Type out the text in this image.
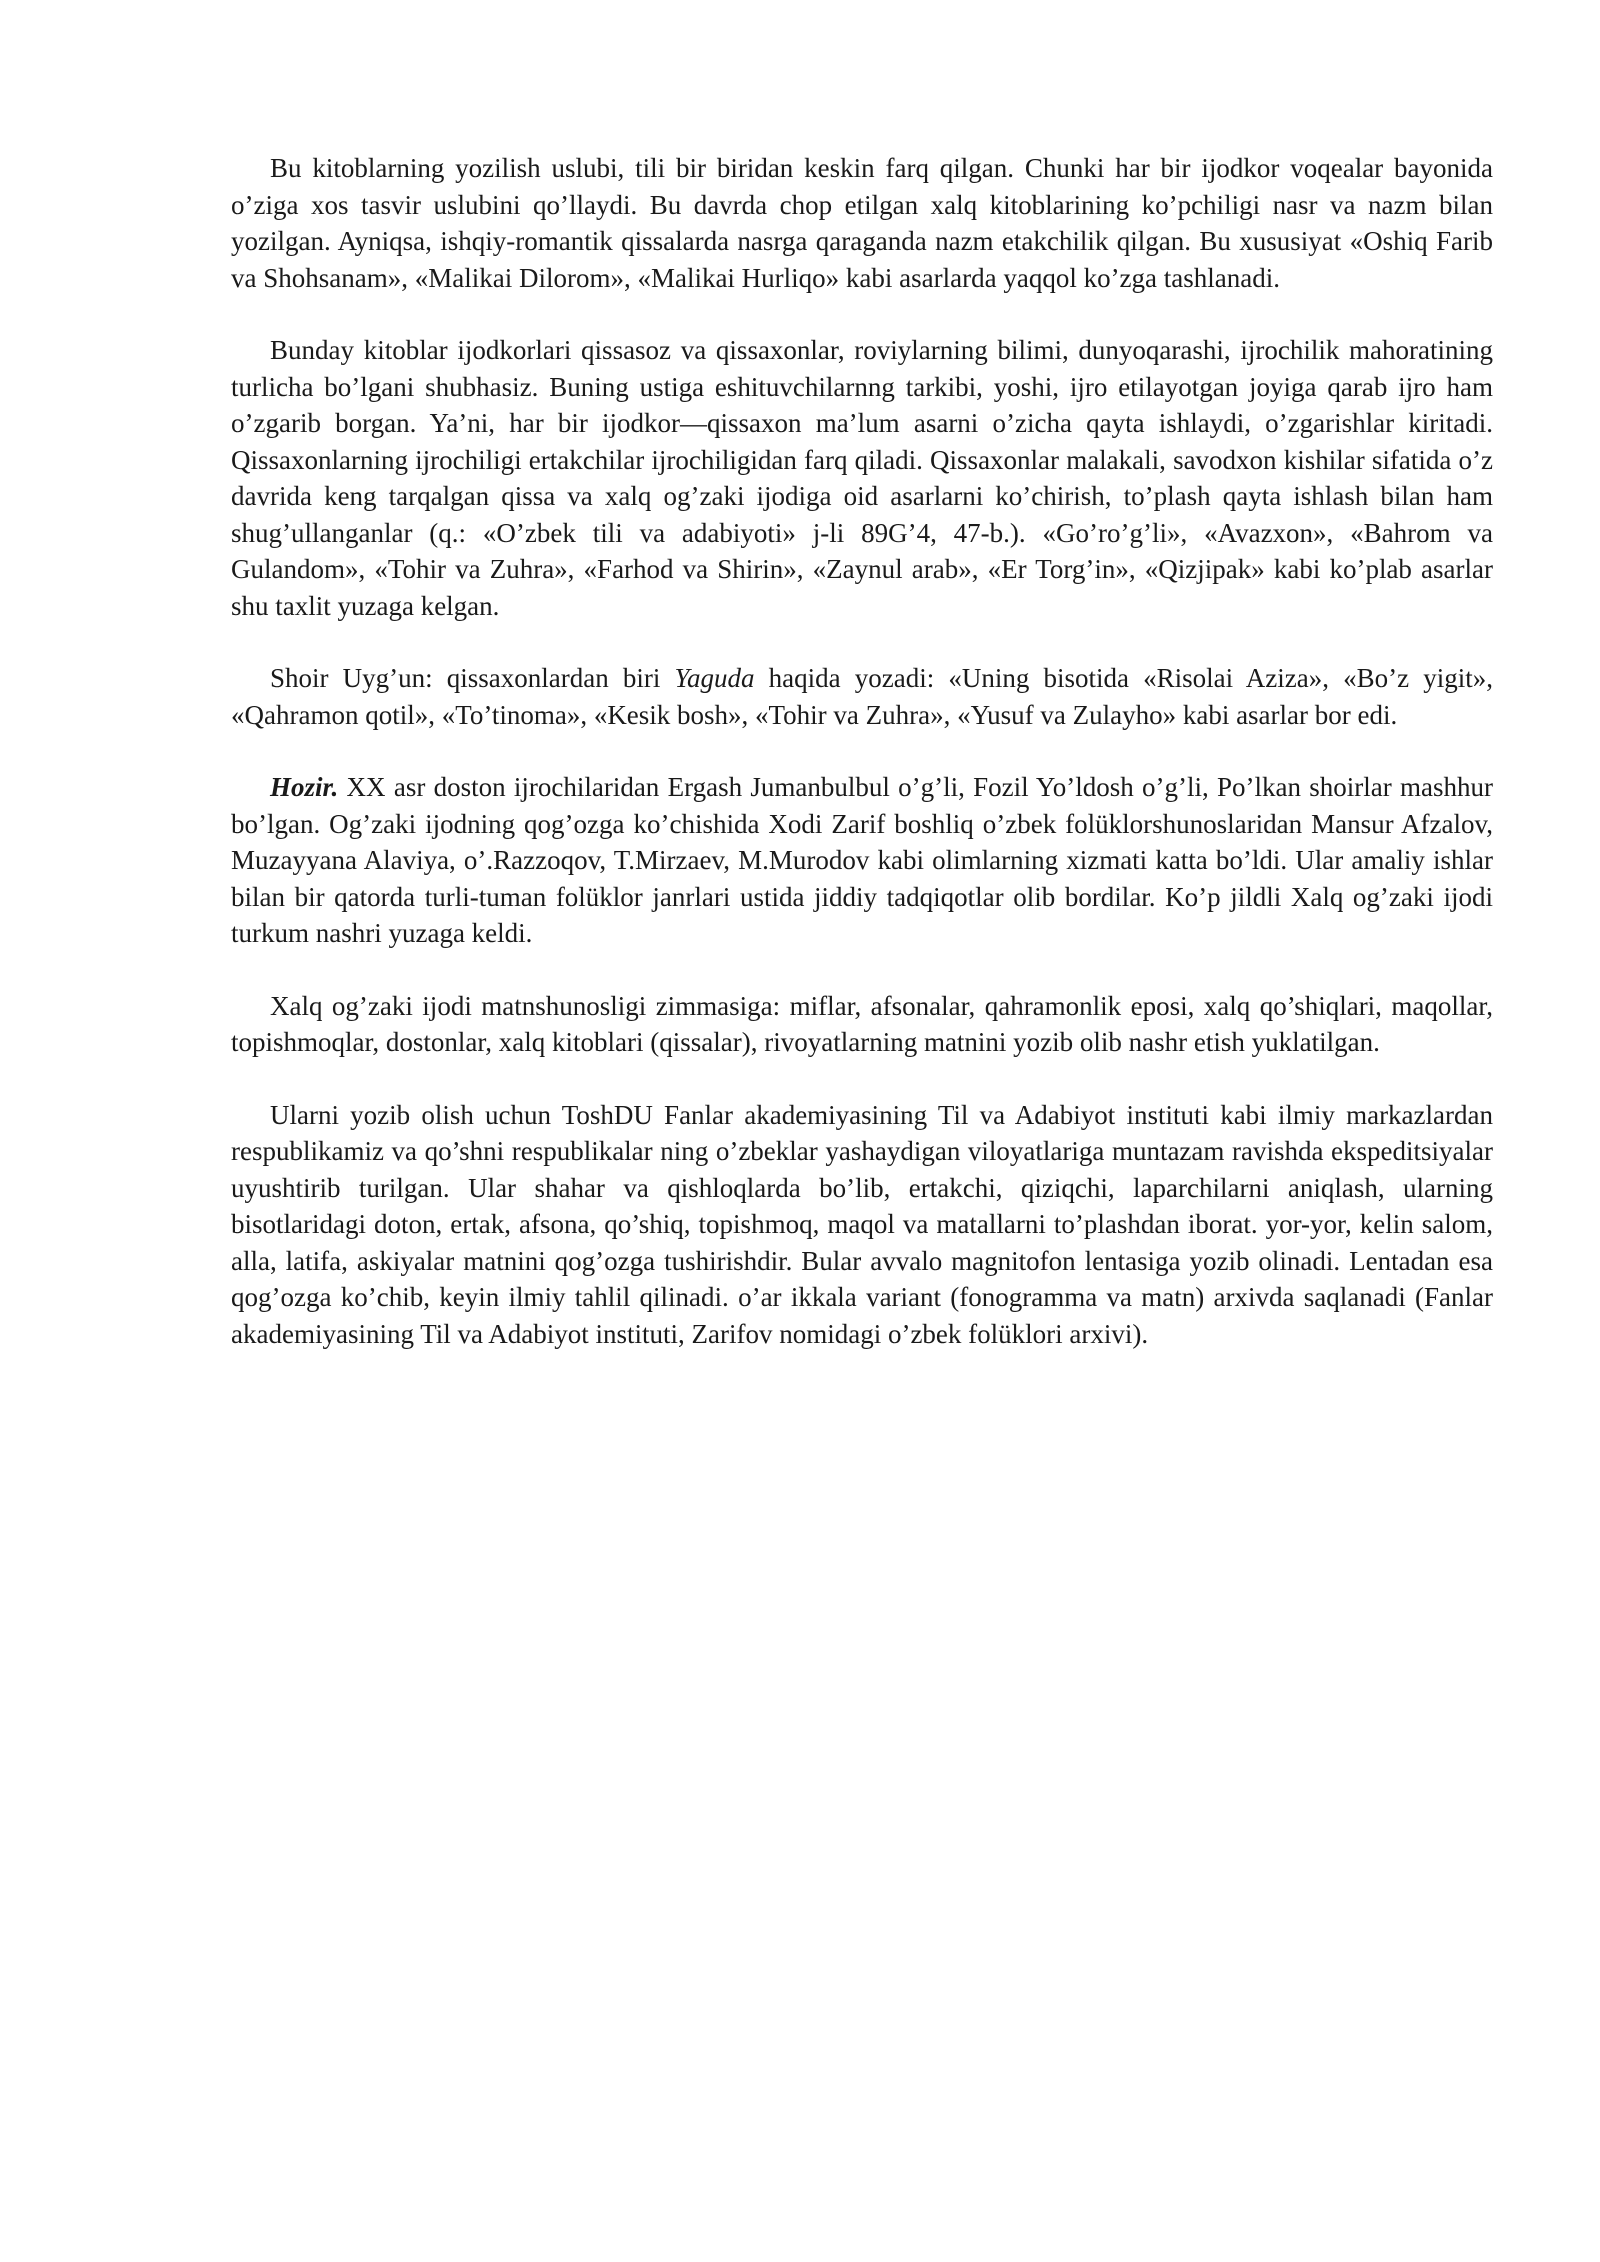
Bu kitoblarning yozilish uslubi, tili bir biridan keskin farq qilgan. Chunki har bir ijodkor voqealar bayonida o’ziga xos tasvir uslubini qo’llaydi. Bu davrda chop etilgan xalq kitoblarining ko’pchiligi nasr va nazm bilan yozilgan. Ayniqsa, ishqiy-romantik qissalarda nasrga qaraganda nazm etakchilik qilgan. Bu xususiyat «Oshiq Farib va Shohsanam», «Malikai Dilorom», «Malikai Hurliqo» kabi asarlarda yaqqol ko’zga tashlanadi.

Bunday kitoblar ijodkorlari qissasoz va qissaxonlar, roviylarning bilimi, dunyoqarashi, ijrochilik mahoratining turlicha bo’lgani shubhasiz. Buning ustiga eshituvchilarnng tarkibi, yoshi, ijro etilayotgan joyiga qarab ijro ham o’zgarib borgan. Ya’ni, har bir ijodkor—qissaxon ma’lum asarni o’zicha qayta ishlaydi, o’zgarishlar kiritadi. Qissaxonlarning ijrochiligi ertakchilar ijrochiligidan farq qiladi. Qissaxonlar malakali, savodxon kishilar sifatida o’z davrida keng tarqalgan qissa va xalq og’zaki ijodiga oid asarlarni ko’chirish, to’plash qayta ishlash bilan ham shug’ullanganlar (q.: «O’zbek tili va adabiyoti» j-li 89G’4, 47-b.). «Go’ro’g’li», «Avazxon», «Bahrom va Gulandom», «Tohir va Zuhra», «Farhod va Shirin», «Zaynul arab», «Er Torg’in», «Qizjipak» kabi ko’plab asarlar shu taxlit yuzaga kelgan.

Shoir Uyg’un: qissaxonlardan biri Yaguda haqida yozadi: «Uning bisotida «Risolai Aziza», «Bo’z yigit», «Qahramon qotil», «To’tinoma», «Kesik bosh», «Tohir va Zuhra», «Yusuf va Zulayho» kabi asarlar bor edi.

Hozir. XX asr doston ijrochilaridan Ergash Jumanbulbul o’g’li, Fozil Yo’ldosh o’g’li, Po’lkan shoirlar mashhur bo’lgan. Og’zaki ijodning qog’ozga ko’chishida Xodi Zarif boshliq o’zbek folüklorshunoslaridan Mansur Afzalov, Muzayyana Alaviya, o’.Razzoqov, T.Mirzaev, M.Murodov kabi olimlarning xizmati katta bo’ldi. Ular amaliy ishlar bilan bir qatorda turli-tuman folüklor janrlari ustida jiddiy tadqiqotlar olib bordilar. Ko’p jildli Xalq og’zaki ijodi turkum nashri yuzaga keldi.

Xalq og’zaki ijodi matnshunosligi zimmasiga: miflar, afsonalar, qahramonlik eposi, xalq qo’shiqlari, maqollar, topishmoqlar, dostonlar, xalq kitoblari (qissalar), rivoyatlarning matnini yozib olib nashr etish yuklatilgan.

Ularni yozib olish uchun ToshDU Fanlar akademiyasining Til va Adabiyot instituti kabi ilmiy markazlardan respublikamiz va qo’shni respublikalar ning o’zbeklar yashaydigan viloyatlariga muntazam ravishda ekspeditsiyalar uyushtirib turilgan. Ular shahar va qishloqlarda bo’lib, ertakchi, qiziqchi, laparchilarni aniqlash, ularning bisotlaridagi doton, ertak, afsona, qo’shiq, topishmoq, maqol va matallarni to’plashdan iborat. yor-yor, kelin salom, alla, latifa, askiyalar matnini qog’ozga tushirishdir. Bular avvalo magnitofon lentasiga yozib olinadi. Lentadan esa qog’ozga ko’chib, keyin ilmiy tahlil qilinadi. o’ar ikkala variant (fonogramma va matn) arxivda saqlanadi (Fanlar akademiyasining Til va Adabiyot instituti, Zarifov nomidagi o’zbek folüklori arxivi).
